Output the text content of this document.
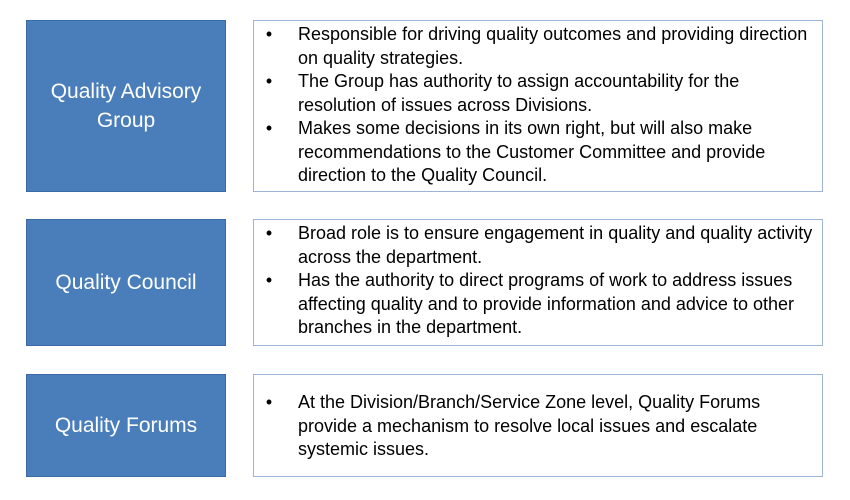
Quality Advisory Group
• Responsible for driving quality outcomes and providing direction on quality strategies.
• The Group has authority to assign accountability for the resolution of issues across Divisions.
• Makes some decisions in its own right, but will also make recommendations to the Customer Committee and provide direction to the Quality Council.
Quality Council
• Broad role is to ensure engagement in quality and quality activity across the department.
• Has the authority to direct programs of work to address issues affecting quality and to provide information and advice to other branches in the department.
Quality Forums
• At the Division/Branch/Service Zone level, Quality Forums provide a mechanism to resolve local issues and escalate systemic issues.
